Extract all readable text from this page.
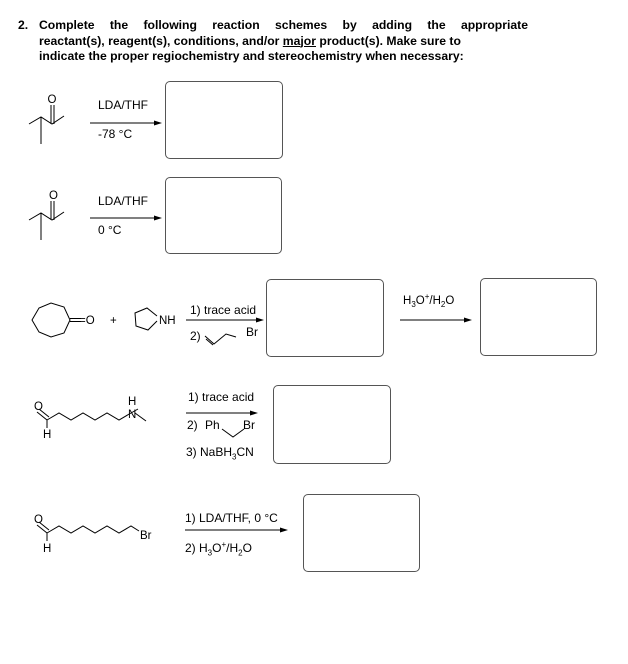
2. Complete the following reaction schemes by adding the appropriate
reactant(s), reagent(s), conditions, and/or major product(s). Make sure to
indicate the proper regiochemistry and stereochemistry when necessary:
O
O
=O +	NH
$H_3O^+/H_2O$
O
H
N
H
O
H
Br
LDA/THF
-78 °C
LDA/THF
0 °C
1) trace acid
2)	Br
1) trace acid
2) Ph Br
3) NaBH$_3$CN
1) LDA/THF, 0 °C
2) $H_3O^+/H_2O$
